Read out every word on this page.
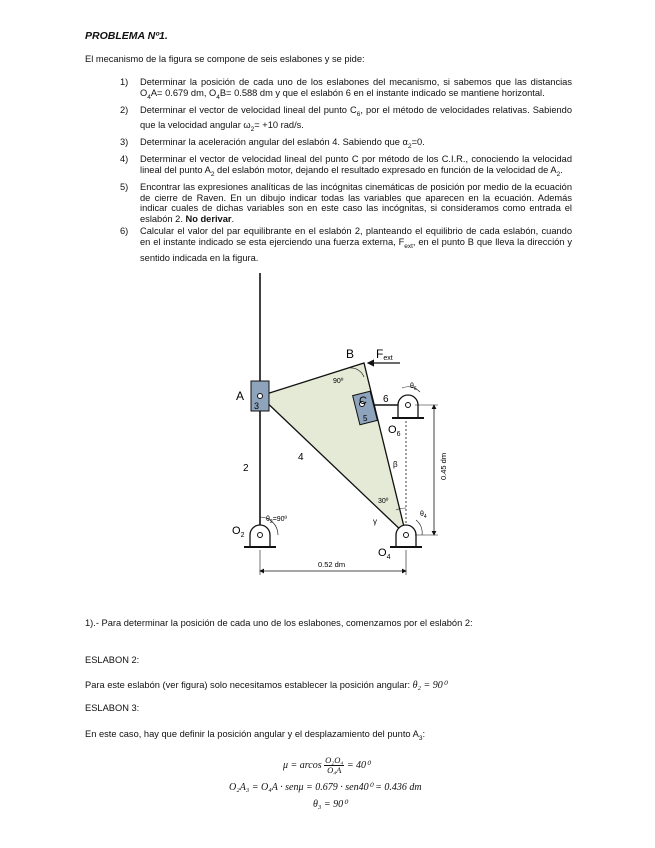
PROBLEMA Nº1.
El mecanismo de la figura se compone de seis eslabones y se pide:
1) Determinar la posición de cada uno de los eslabones del mecanismo, si sabemos que las distancias $O_4A= 0.679$ dm, $O_4B= 0.588$ dm y que el eslabón 6 en el instante indicado se mantiene horizontal.
2) Determinar el vector de velocidad lineal del punto $C_6$, por el método de velocidades relativas. Sabiendo que la velocidad angular $\omega_2= +10$ rad/s.
3) Determinar la aceleración angular del eslabón 4. Sabiendo que $\alpha_2=0$.
4) Determinar el vector de velocidad lineal del punto C por método de los C.I.R., conociendo la velocidad lineal del punto $A_2$ del eslabón motor, dejando el resultado expresado en función de la velocidad de $A_2$.
5) Encontrar las expresiones analíticas de las incógnitas cinemáticas de posición por medio de la ecuación de cierre de Raven. En un dibujo indicar todas las variables que aparecen en la ecuación. Además indicar cuales de dichas variables son en este caso las incógnitas, si consideramos como entrada el eslabón 2. No derivar.
6) Calcular el valor del par equilibrante en el eslabón 2, planteando el equilibrio de cada eslabón, cuando en el instante indicado se esta ejerciendo una fuerza externa, $F_{ext}$, en el punto B que lleva la dirección y sentido indicada en la figura.
B Fext
A
3
4
2
C
5
6
$O_6$
$O_2$
$O_4$
90º
30º
β
γ
$\theta_6$
$\theta_4$
$\theta_2=90º$
0.45 dm
0.52 dm
1).- Para determinar la posición de cada uno de los eslabones, comenzamos por el eslabón 2:
ESLABON 2:
Para este eslabón (ver figura) solo necesitamos establecer la posición angular: θ₂ = 90⁰
ESLABON 3:
En este caso, hay que definir la posición angular y el desplazamiento del punto $A_3$:
μ = arcos $\frac{\text{O₂O₄}}{\text{O₄A}} = 40^0$
O₂A₃ = O₄A · senμ = 0.679 · sen40⁰ = 0.436 dm
θ₃ = 90⁰
